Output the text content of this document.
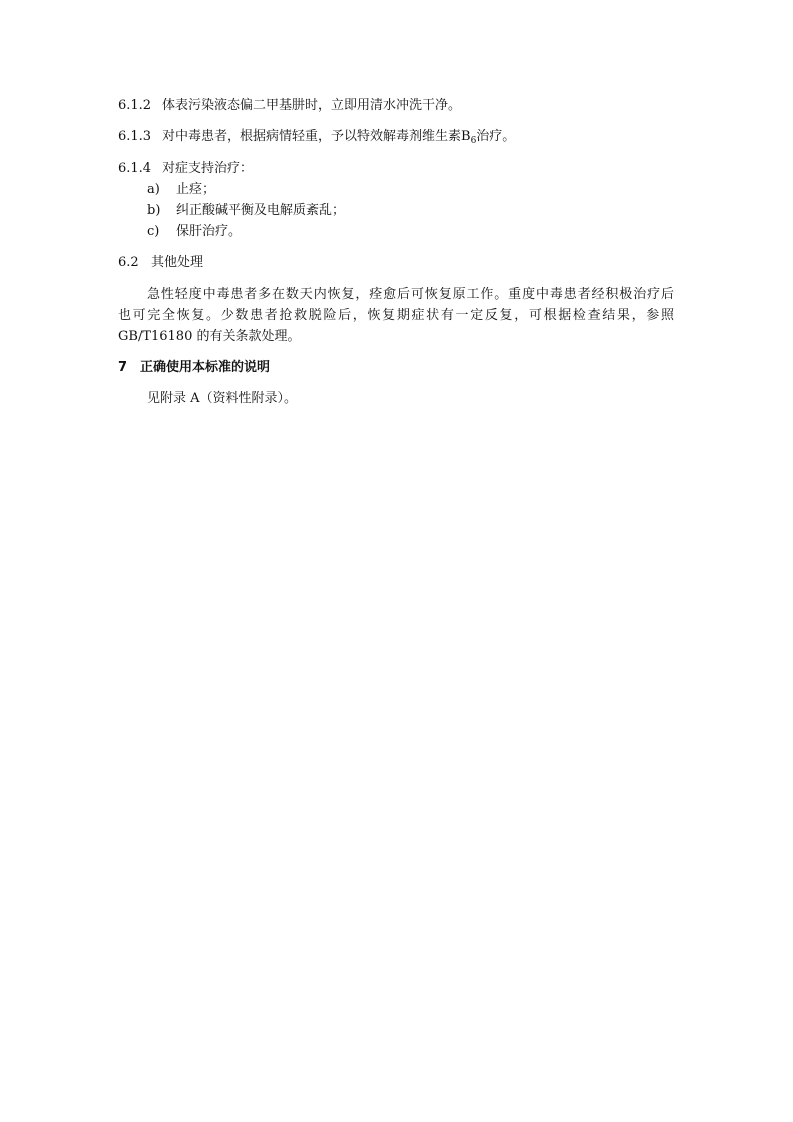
6.1.2 体表污染液态偏二甲基肼时，立即用清水冲洗干净。
6.1.3 对中毒患者，根据病情轻重，予以特效解毒剂维生素$B_6$治疗。
6.1.4 对症支持治疗：
a) 止痉；
b) 纠正酸碱平衡及电解质紊乱；
c) 保肝治疗。
6.2 其他处理
急性轻度中毒患者多在数天内恢复，痊愈后可恢复原工作。重度中毒患者经积极治疗后
也可完全恢复。少数患者抢救脱险后，恢复期症状有一定反复，可根据检查结果，参照
GB/T16180 的有关条款处理。
7 正确使用本标准的说明
见附录 A（资料性附录）。
